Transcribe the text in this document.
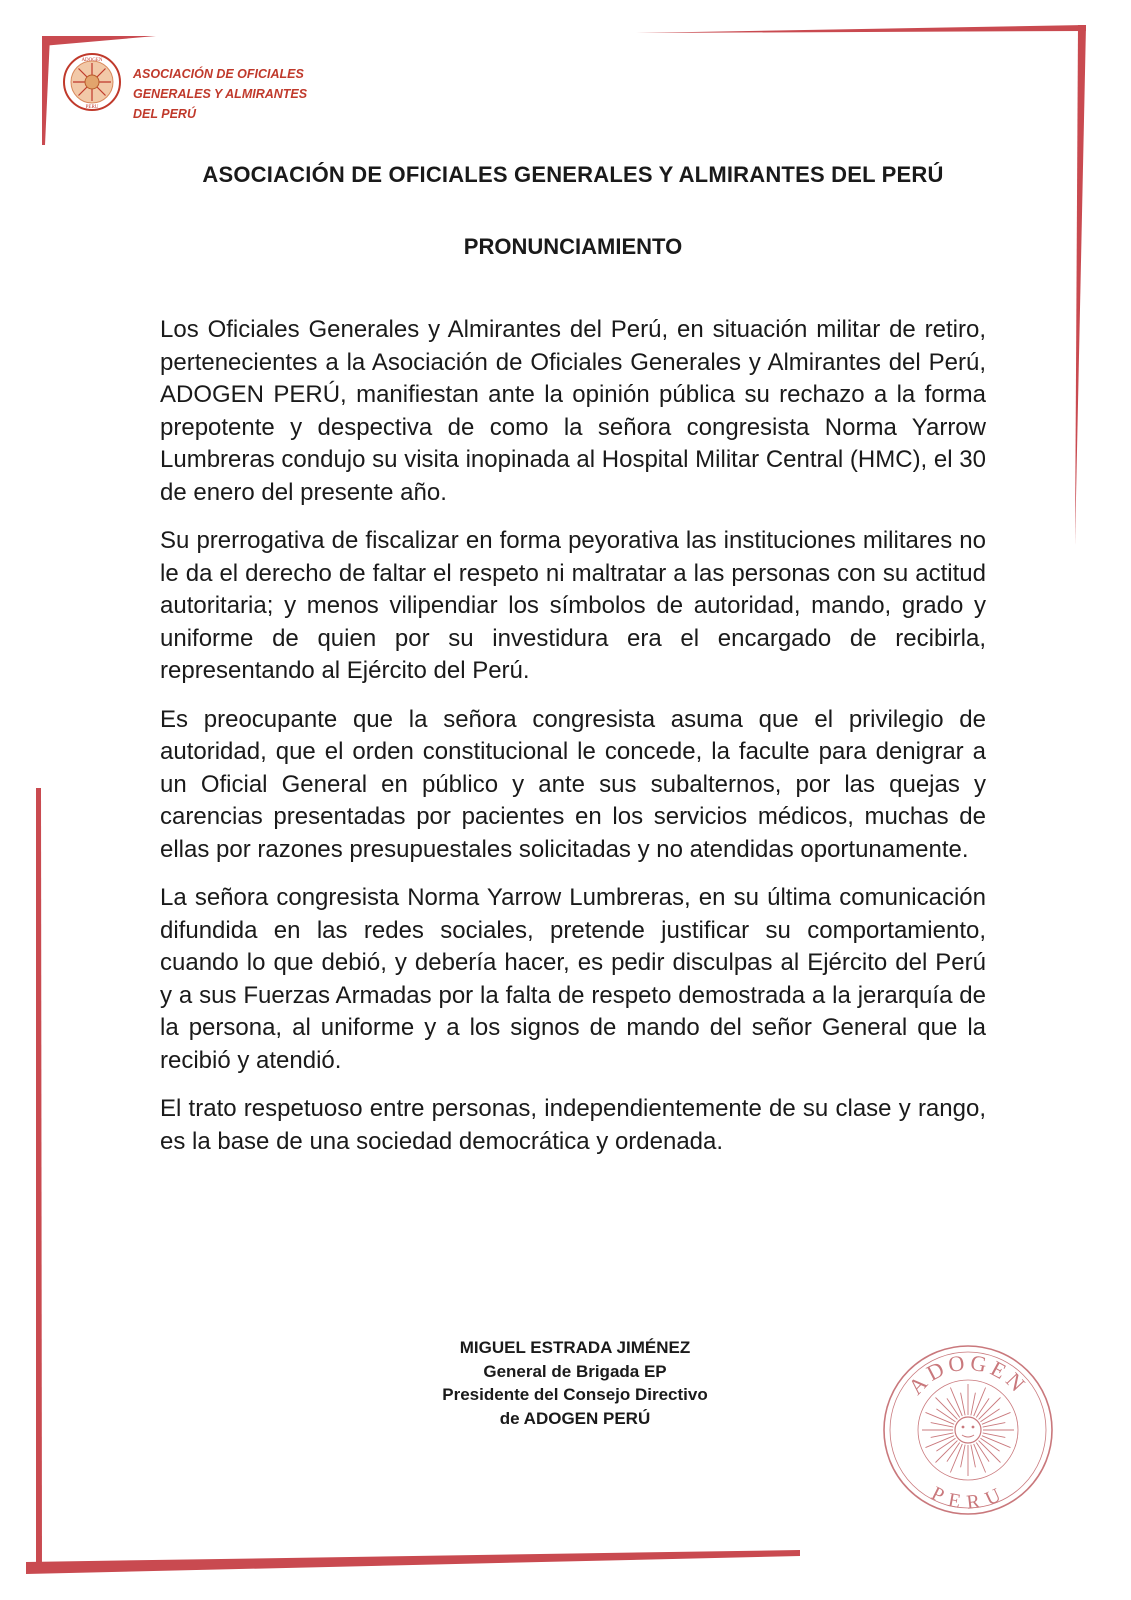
ADOGEN
PERU
ASOCIACIÓN DE OFICIALES
GENERALES Y ALMIRANTES
DEL PERÚ
ASOCIACIÓN DE OFICIALES GENERALES Y ALMIRANTES DEL PERÚ
PRONUNCIAMIENTO

Los Oficiales Generales y Almirantes del Perú, en situación militar de retiro, pertenecientes a la Asociación de Oficiales Generales y Almirantes del Perú, ADOGEN PERÚ, manifiestan ante la opinión pública su rechazo a la forma prepotente y despectiva de como la señora congresista Norma Yarrow Lumbreras condujo su visita inopinada al Hospital Militar Central (HMC), el 30 de enero del presente año.

Su prerrogativa de fiscalizar en forma peyorativa las instituciones militares no le da el derecho de faltar el respeto ni maltratar a las personas con su actitud autoritaria; y menos vilipendiar los símbolos de autoridad, mando, grado y uniforme de quien por su investidura era el encargado de recibirla, representando al Ejército del Perú.

Es preocupante que la señora congresista asuma que el privilegio de autoridad, que el orden constitucional le concede, la faculte para denigrar a un Oficial General en público y ante sus subalternos, por las quejas y carencias presentadas por pacientes en los servicios médicos, muchas de ellas por razones presupuestales solicitadas y no atendidas oportunamente.

La señora congresista Norma Yarrow Lumbreras, en su última comunicación difundida en las redes sociales, pretende justificar su comportamiento, cuando lo que debió, y debería hacer, es pedir disculpas al Ejército del Perú y a sus Fuerzas Armadas por la falta de respeto demostrada a la jerarquía de la persona, al uniforme y a los signos de mando del señor General que la recibió y atendió.

El trato respetuoso entre personas, independientemente de su clase y rango, es la base de una sociedad democrática y ordenada.

MIGUEL ESTRADA JIMÉNEZ
General de Brigada EP
Presidente del Consejo Directivo
de ADOGEN PERÚ
ADOGEN
PERU
